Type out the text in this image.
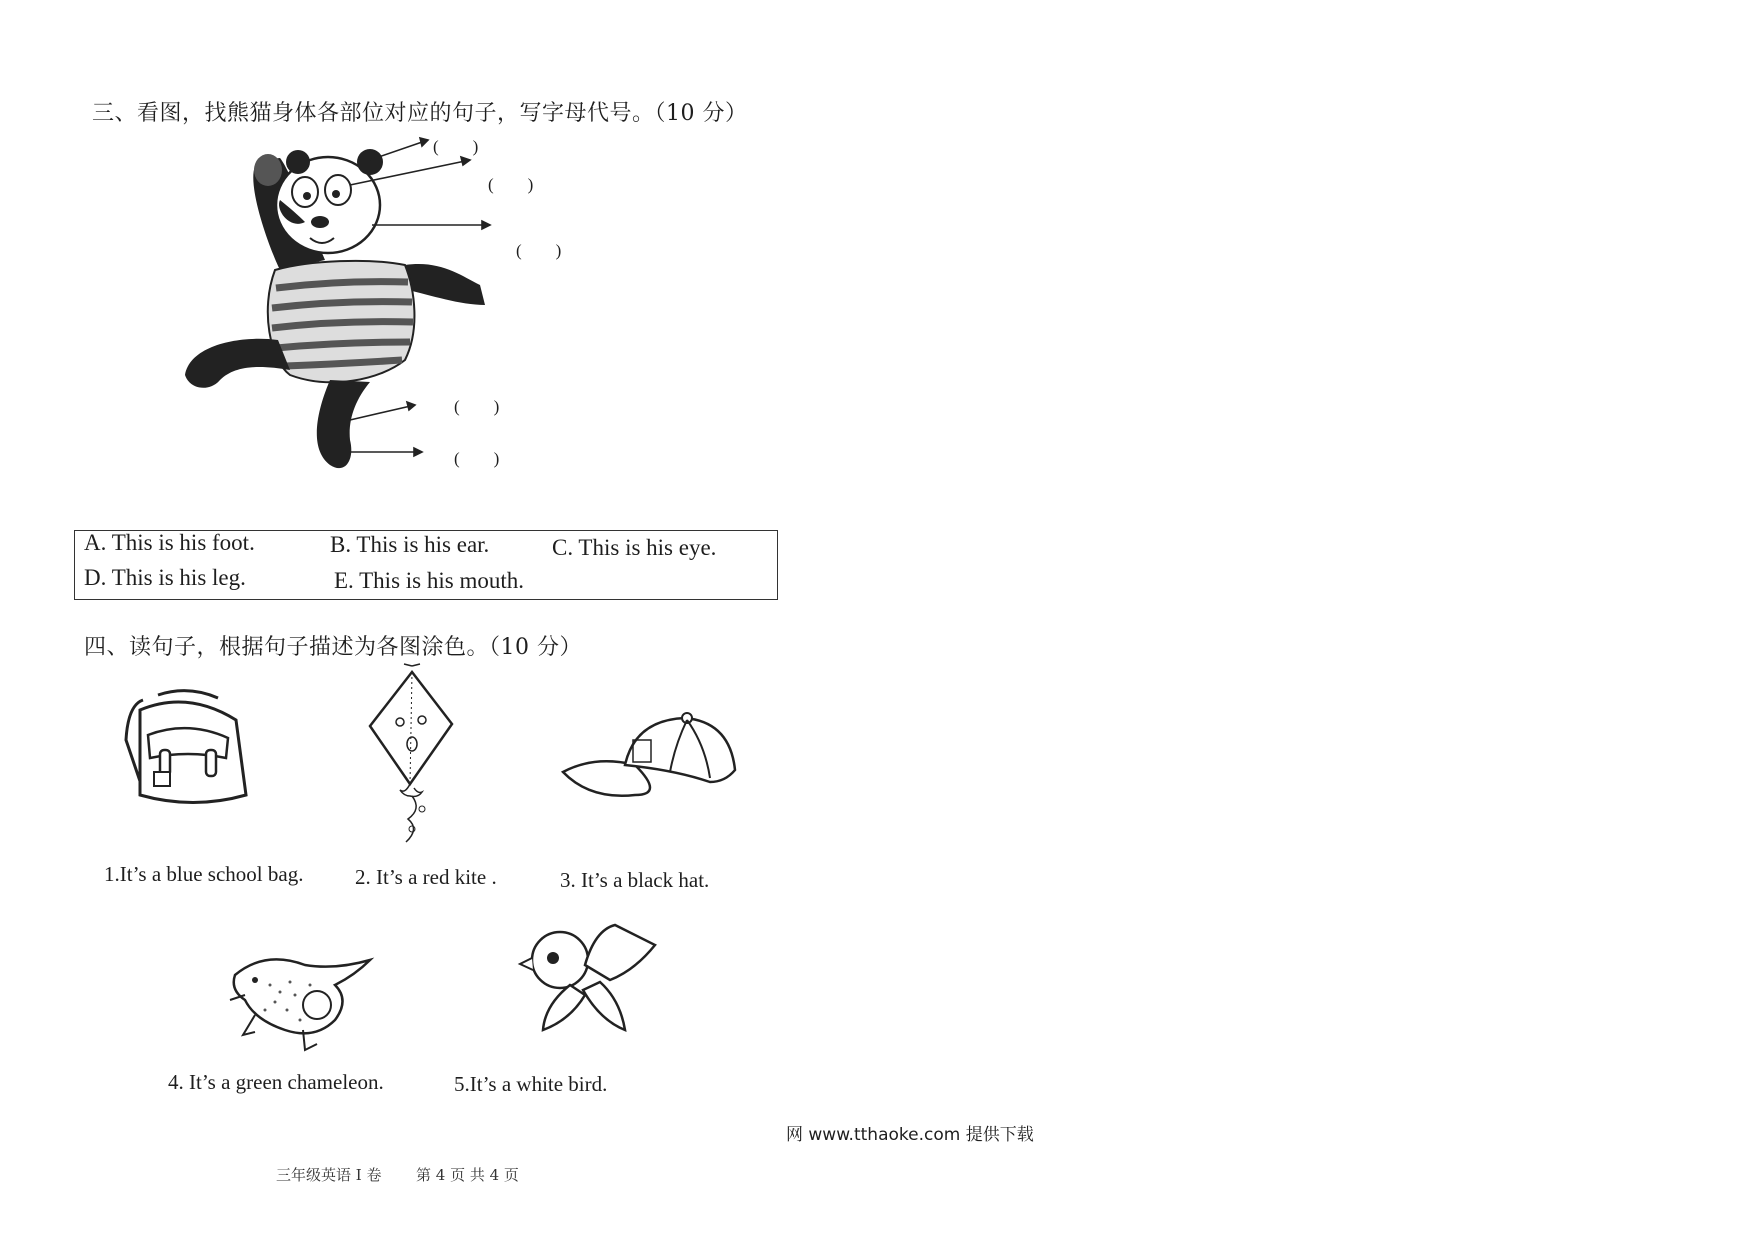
三、看图，找熊猫身体各部位对应的句子，写字母代号。（10 分）
(　　)
(　　)
(　　)
(　　)
(　　)
A. This is his foot.	B. This is his ear.	C. This is his eye.
D. This is his leg.	E. This is his mouth.
四、读句子，根据句子描述为各图涂色。（10 分）
1.It’s a blue school bag. 2. It’s a red kite .	3. It’s a black hat.
4. It’s a green chameleon.	5.It’s a white bird.
网 www.tthaoke.com 提供下载
三年级英语 I 卷 第 4 页 共 4 页
